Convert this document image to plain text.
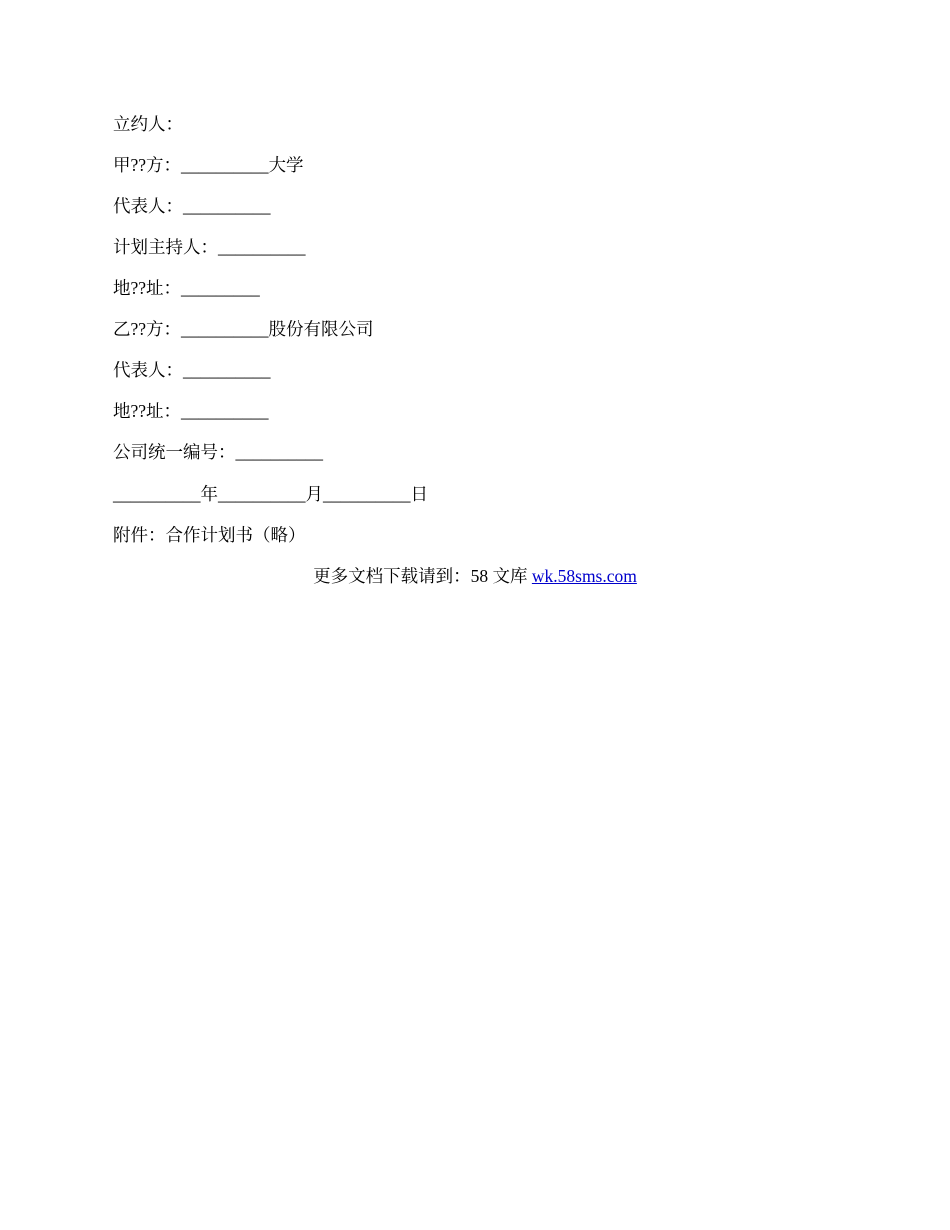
立约人：
甲??方：__________大学
代表人：__________
计划主持人：__________
地??址：_________
乙??方：__________股份有限公司
代表人：__________
地??址：__________
公司统一编号：__________
__________年__________月__________日
附件：合作计划书（略）
更多文档下载请到：58 文库 wk.58sms.com
